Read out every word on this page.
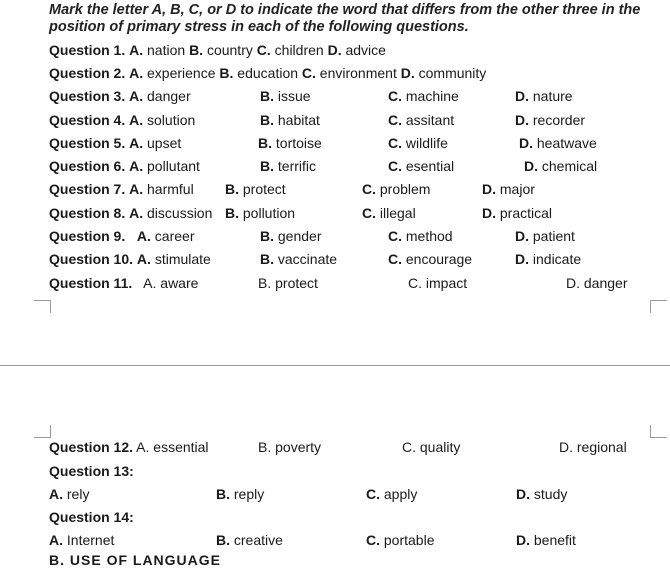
Mark the letter A, B, C, or D to indicate the word that differs from the other three in the position of primary stress in each of the following questions.
Question 1. A. nation B. country C. children D. advice
Question 2. A. experience B. education C. environment D. community
Question 3. A. danger	B. issue	C. machine	D. nature
Question 4. A. solution	B. habitat	C. assitant	D. recorder
Question 5. A. upset	B. tortoise	C. wildlife	D. heatwave
Question 6. A. pollutant	B. terrific	C. esential	D. chemical
Question 7. A. harmful B. protect	C. problem	D. major
Question 8. A. discussion B. pollution	C. illegal	D. practical
Question 9. A. career	B. gender	C. method	D. patient
Question 10. A. stimulate	B. vaccinate	C. encourage	D. indicate
Question 11. A. aware	B. protect	C. impact	D. danger
Question 12. A. essential	B. poverty	C. quality	D. regional
Question 13:
A. rely	B. reply	C. apply	D. study
Question 14:
A. Internet	B. creative	C. portable	D. benefit
B. USE OF LANGUAGE
